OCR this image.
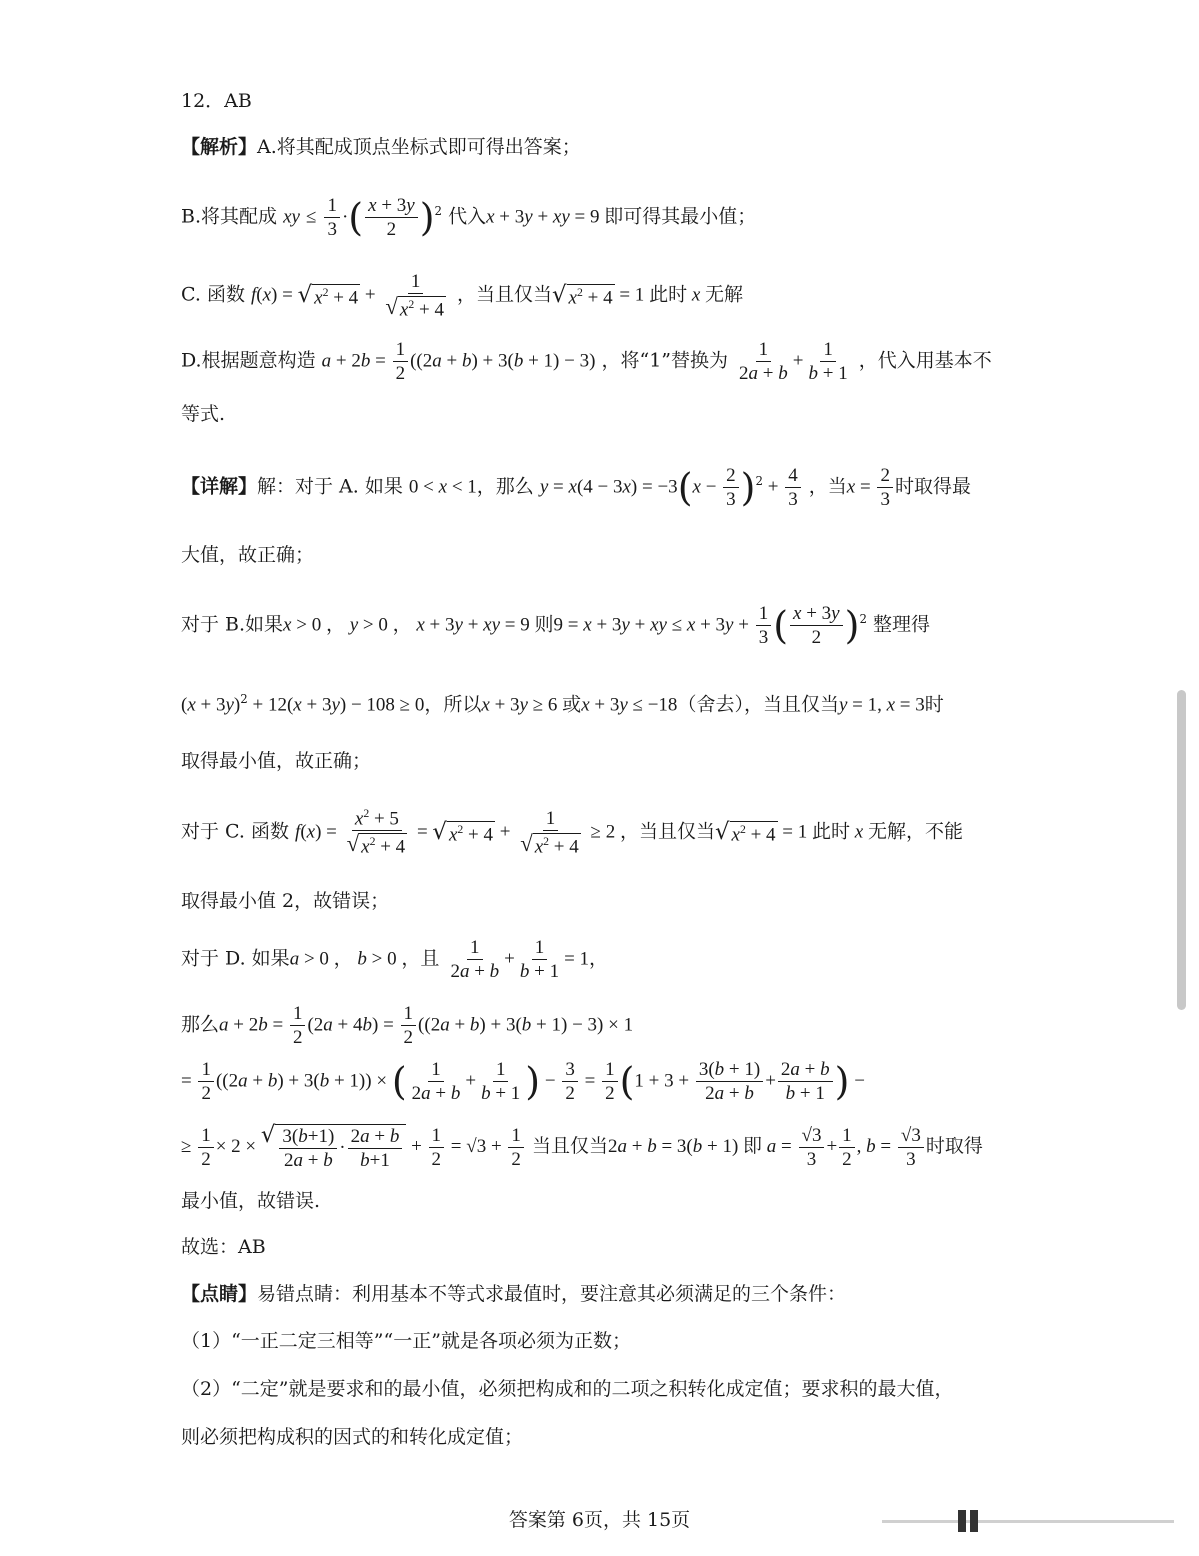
12．AB
【解析】A.将其配成顶点坐标式即可得出答案；
B.将其配成 xy ≤ $\frac{1}{3}$ ·( $\frac{x + 3y}{2} )^2$ 代入x + 3y + xy = 9 即可得其最小值；
C. 函数 f(x) = √ $x^2 + 4 + \frac{1}{√ x^2 + 4}$ ，当且仅当 √ $x^2 + 4 = 1$ 此时 x 无解
D.根据题意构造 $a + 2b = \frac{1}{2} ((2a + b) + 3(b + 1) - 3)$ ，将“1”替换为 $\frac{1}{2a + b} + \frac{1}{b + 1}$ ，代入用基本不
等式.
【详解】解：对于 A. 如果 0 < x < 1，那么 $y = x(4 - 3x) = -3(x - \frac{2}{3} )^2 + \frac{4}{3}$ ，当$x = \frac{2}{3}$ 时取得最
大值，故正确；
对于 B.如果x > 0 ， y > 0 ， x + 3y + xy = 9 则9 = x + 3y + xy ≤ $x + 3y + \frac{1}{3}$ ( $\frac{x + 3y}{2} )^2$ 整理得
$(x + 3y)^2 + 12(x + 3y) - 108 \ge 0$，所以x + 3y ≥ 6 或x + 3y ≤ −18（舍去），当且仅当y = 1, x = 3时
取得最小值，故正确；
对于 C. 函数 $f(x) = \frac{x^2 + 5}{√ x^2 + 4}$ = √ $x^2 + 4 + \frac{1}{√ x^2 + 4} \ge 2$ ，当且仅当 √ $x^2 + 4 = 1$ 此时 x 无解，不能
取得最小值 2，故错误；
对于 D. 如果a > 0 ， b > 0 ，且 $\frac{1}{2a + b} + \frac{1}{b + 1} = 1$，
那么$a + 2b = \frac{1}{2} (2a + 4b) = \frac{1}{2} ((2a + b) + 3(b + 1) - 3) \times 1$
= $\frac{1}{2} ((2a + b) + 3(b + 1))$ × ( $\frac{1}{2a + b} + \frac{1}{b + 1}$ ) − $\frac{3}{2} = \frac{1}{2} (1 + 3 + \frac{3(b + 1)}{2a + b} + \frac{2a + b}{b + 1}$ ) −
≥ $\frac{1}{2} \times 2$ × √ $\frac{3(b+1)}{2a + b} \cdot \frac{2a + b}{b+1} + \frac{1}{2} = √3 + \frac{1}{2}$ 当且仅当2a + b = 3(b + 1) 即 $a = \frac{√3}{3} + \frac{1}{2}$ , $b = \frac{√3}{3}$ 时取得
最小值，故错误.
故选：AB
【点睛】易错点睛：利用基本不等式求最值时，要注意其必须满足的三个条件：
（1）“一正二定三相等”“一正”就是各项必须为正数；
（2）“二定”就是要求和的最小值，必须把构成和的二项之积转化成定值；要求积的最大值，
则必须把构成积的因式的和转化成定值；
答案第 6页，共 15页
